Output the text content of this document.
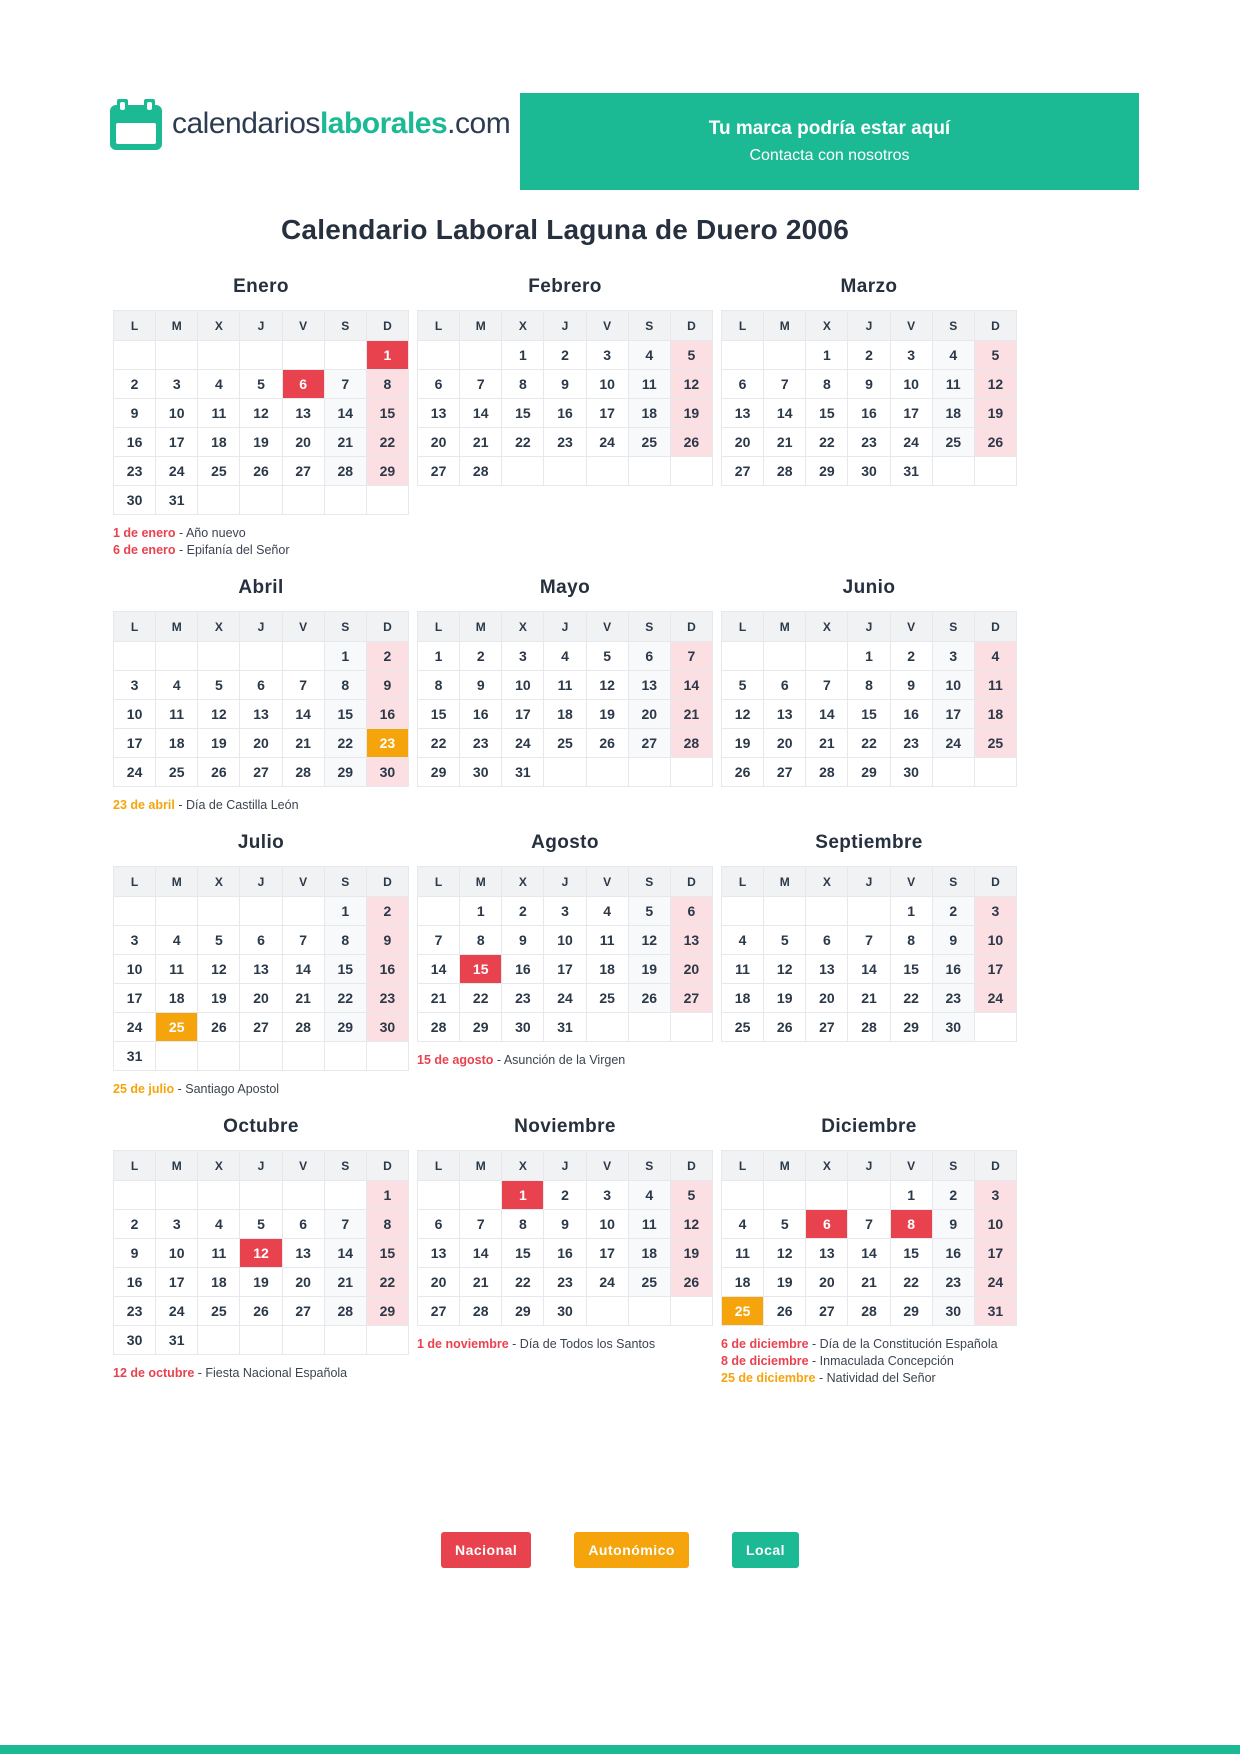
calendarioslaborales.com	Tu marca podría estar aquí
Contacta con nosotros
Calendario Laboral Laguna de Duero 2006
Enero
L	M	X	J	V	S	D
						1
2	3	4	5	6	7	8
9	10	11	12	13	14	15
16	17	18	19	20	21	22
23	24	25	26	27	28	29
30	31					
1 de enero - Año nuevo
6 de enero - Epifanía del Señor
Febrero
L	M	X	J	V	S	D
		1	2	3	4	5
6	7	8	9	10	11	12
13	14	15	16	17	18	19
20	21	22	23	24	25	26
27	28					
Marzo
L	M	X	J	V	S	D
		1	2	3	4	5
6	7	8	9	10	11	12
13	14	15	16	17	18	19
20	21	22	23	24	25	26
27	28	29	30	31		
Abril
L	M	X	J	V	S	D
					1	2
3	4	5	6	7	8	9
10	11	12	13	14	15	16
17	18	19	20	21	22	23
24	25	26	27	28	29	30
23 de abril - Día de Castilla León
Mayo
L	M	X	J	V	S	D
1	2	3	4	5	6	7
8	9	10	11	12	13	14
15	16	17	18	19	20	21
22	23	24	25	26	27	28
29	30	31				
Junio
L	M	X	J	V	S	D
			1	2	3	4
5	6	7	8	9	10	11
12	13	14	15	16	17	18
19	20	21	22	23	24	25
26	27	28	29	30		
Julio
L	M	X	J	V	S	D
					1	2
3	4	5	6	7	8	9
10	11	12	13	14	15	16
17	18	19	20	21	22	23
24	25	26	27	28	29	30
31						
25 de julio - Santiago Apostol
Agosto
L	M	X	J	V	S	D
	1	2	3	4	5	6
7	8	9	10	11	12	13
14	15	16	17	18	19	20
21	22	23	24	25	26	27
28	29	30	31			
15 de agosto - Asunción de la Virgen
Septiembre
L	M	X	J	V	S	D
				1	2	3
4	5	6	7	8	9	10
11	12	13	14	15	16	17
18	19	20	21	22	23	24
25	26	27	28	29	30	
Octubre
L	M	X	J	V	S	D
						1
2	3	4	5	6	7	8
9	10	11	12	13	14	15
16	17	18	19	20	21	22
23	24	25	26	27	28	29
30	31					
12 de octubre - Fiesta Nacional Española
Noviembre
L	M	X	J	V	S	D
		1	2	3	4	5
6	7	8	9	10	11	12
13	14	15	16	17	18	19
20	21	22	23	24	25	26
27	28	29	30			
1 de noviembre - Día de Todos los Santos
Diciembre
L	M	X	J	V	S	D
				1	2	3
4	5	6	7	8	9	10
11	12	13	14	15	16	17
18	19	20	21	22	23	24
25	26	27	28	29	30	31
6 de diciembre - Día de la Constitución Española
8 de diciembre - Inmaculada Concepción
25 de diciembre - Natividad del Señor
Nacional	Autonómico	Local
